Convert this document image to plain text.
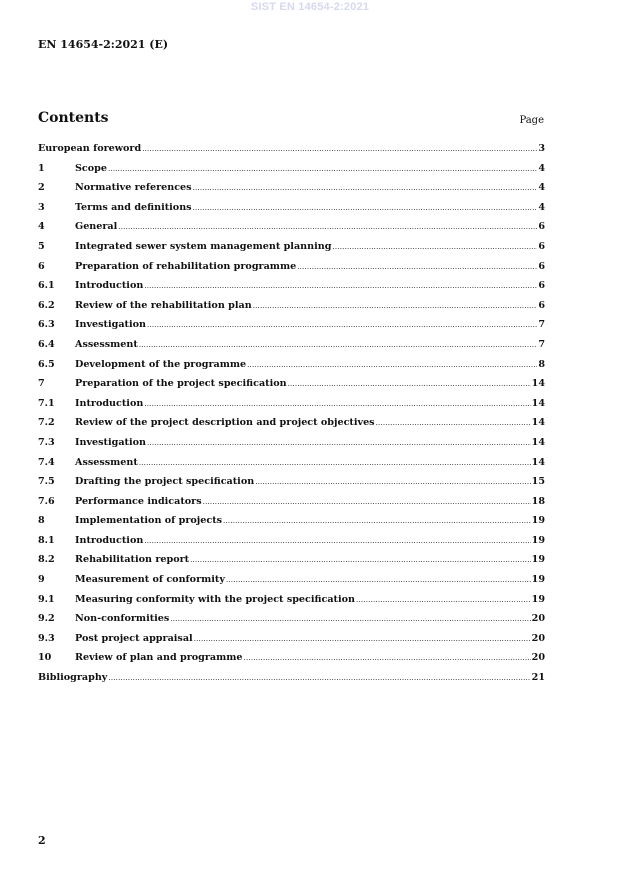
SIST EN 14654-2:2021
EN 14654-2:2021 (E)
Contents	Page
European foreword .....	3
1	Scope .....	4
2	Normative references .....	4
3	Terms and definitions .....	4
4	General .....	6
5	Integrated sewer system management planning .....	6
6	Preparation of rehabilitation programme .....	6
6.1	Introduction .....	6
6.2	Review of the rehabilitation plan .....	6
6.3	Investigation .....	7
6.4	Assessment .....	7
6.5	Development of the programme .....	8
7	Preparation of the project specification .....	14
7.1	Introduction .....	14
7.2	Review of the project description and project objectives .....	14
7.3	Investigation .....	14
7.4	Assessment .....	14
7.5	Drafting the project specification .....	15
7.6	Performance indicators .....	18
8	Implementation of projects .....	19
8.1	Introduction .....	19
8.2	Rehabilitation report .....	19
9	Measurement of conformity .....	19
9.1	Measuring conformity with the project specification .....	19
9.2	Non-conformities .....	20
9.3	Post project appraisal .....	20
10	Review of plan and programme .....	20
Bibliography .....	21
2
